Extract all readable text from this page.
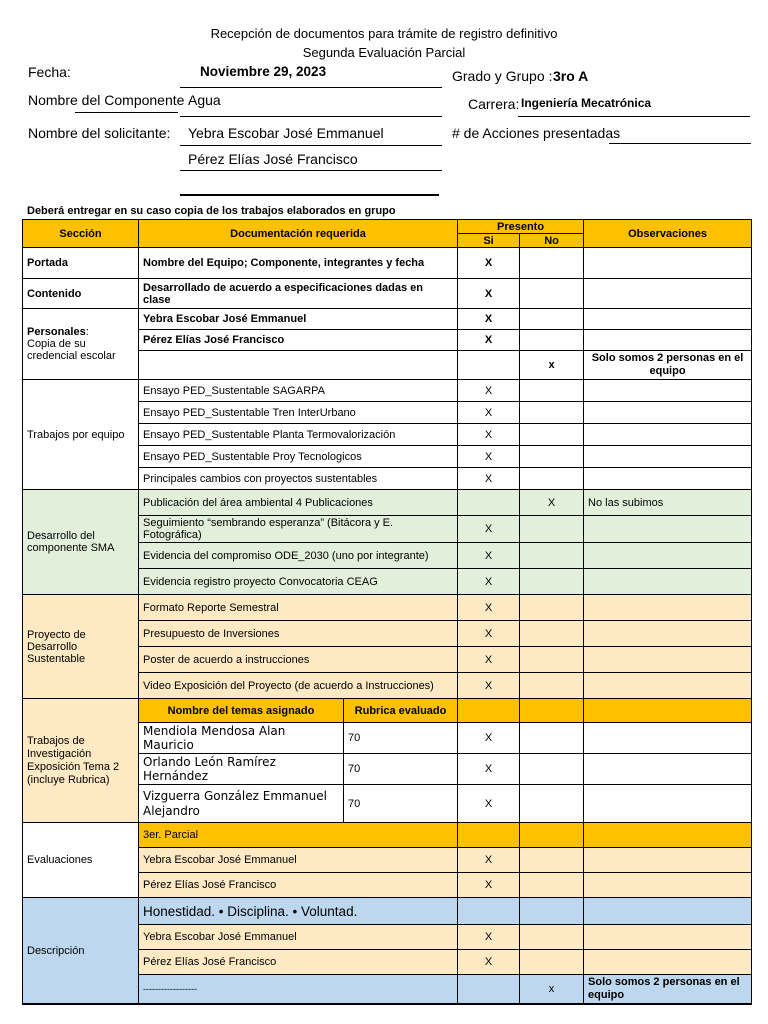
Recepción de documentos para trámite de registro definitivo
Segunda Evaluación Parcial
Fecha:	Noviembre 29, 2023	Grado y Grupo : 3ro A
Nombre del Componente Agua	Carrera: Ingeniería Mecatrónica
Nombre del solicitante: Yebra Escobar José Emmanuel
Pérez Elías José Francisco
# de Acciones presentadas
Deberá entregar en su caso copia de los trabajos elaborados en grupo
Sección	Documentación requerida		Presento		Observaciones
			Si	No	
Portada	Nombre del Equipo; Componente, integrantes y fecha		X		
Contenido	Desarrollado de acuerdo a especificaciones dadas en clase		X		
Personales:
Copia de su credencial escolar	Yebra Escobar José Emmanuel		X		
	Pérez Elías José Francisco		X		
				x	Solo somos 2 personas en el equipo
Trabajos por equipo	Ensayo PED_Sustentable SAGARPA		X		
	Ensayo PED_Sustentable Tren InterUrbano		X		
	Ensayo PED_Sustentable Planta Termovalorización		X		
	Ensayo PED_Sustentable Proy Tecnologicos		X		
	Principales cambios con proyectos sustentables		X		
Desarrollo del componente SMA	Publicación del área ambiental 4 Publicaciones			X	No las subimos
	Seguimiento “sembrando esperanza” (Bitácora y E. Fotográfica)		X		
	Evidencia del compromiso ODE_2030 (uno por integrante)		X		
	Evidencia registro proyecto Convocatoria CEAG		X		
Proyecto de Desarrollo Sustentable	Formato Reporte Semestral		X		
	Presupuesto de Inversiones		X		
	Poster de acuerdo a instrucciones		X		
	Video Exposición del Proyecto (de acuerdo a Instrucciones)		X		
Trabajos de Investigación Exposición Tema 2 (incluye Rubrica)	Nombre del temas asignado	Rubrica evaluado			
	Mendiola Mendosa Alan Mauricio	70	X		
	Orlando León Ramírez Hernández	70	X		
	Vizguerra González Emmanuel Alejandro	70	X		
Evaluaciones	3er. Parcial				
	Yebra Escobar José Emmanuel		X		
	Pérez Elías José Francisco		X		
Descripción	Honestidad. • Disciplina. • Voluntad.				
	Yebra Escobar José Emmanuel		X		
	Pérez Elías José Francisco		X		
	------------------			x	Solo somos 2 personas en el equipo
